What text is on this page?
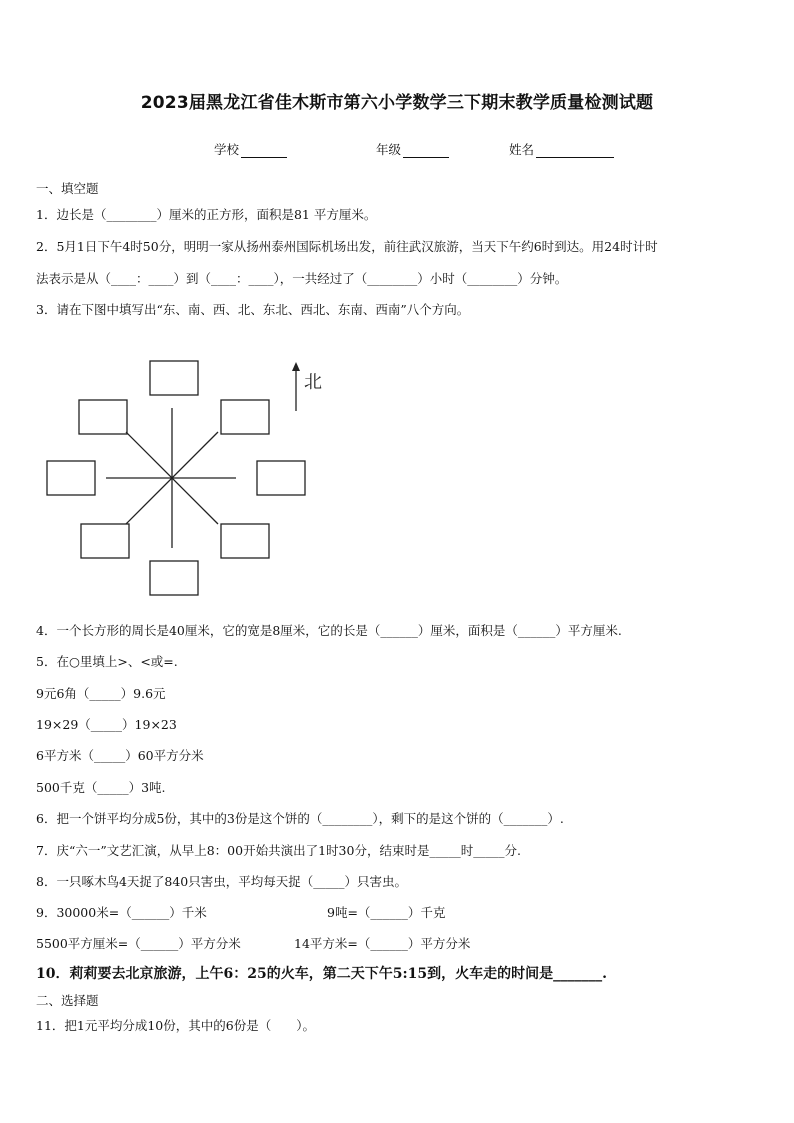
2023届黑龙江省佳木斯市第六小学数学三下期末教学质量检测试题
学校	年级	姓名
一、填空题
1．边长是（________）厘米的正方形，面积是81 平方厘米。
2．5月1日下午4时50分，明明一家从扬州泰州国际机场出发，前往武汉旅游，当天下午约6时到达。用24时计时
法表示是从（____：____）到（____：____），一共经过了（________）小时（________）分钟。
3．请在下图中填写出“东、南、西、北、东北、西北、东南、西南”八个方向。
北
4．一个长方形的周长是40厘米，它的宽是8厘米，它的长是（______）厘米，面积是（______）平方厘米.
5．在○里填上>、<或=.
9元6角（_____）9.6元
19×29（_____）19×23
6平方米（_____）60平方分米
500千克（_____）3吨.
6．把一个饼平均分成5份，其中的3份是这个饼的（________），剩下的是这个饼的（_______）.
7．庆“六一”文艺汇演，从早上8：00开始共演出了1时30分，结束时是_____时_____分.
8．一只啄木鸟4天捉了840只害虫，平均每天捉（_____）只害虫。
9．30000米=（______）千米	9吨=（______）千克
5500平方厘米=（______）平方分米	14平方米=（______）平方分米
10．莉莉要去北京旅游，上午6：25的火车，第二天下午5:15到，火车走的时间是_______.
二、选择题
11．把1元平均分成10份，其中的6份是（　　）。
